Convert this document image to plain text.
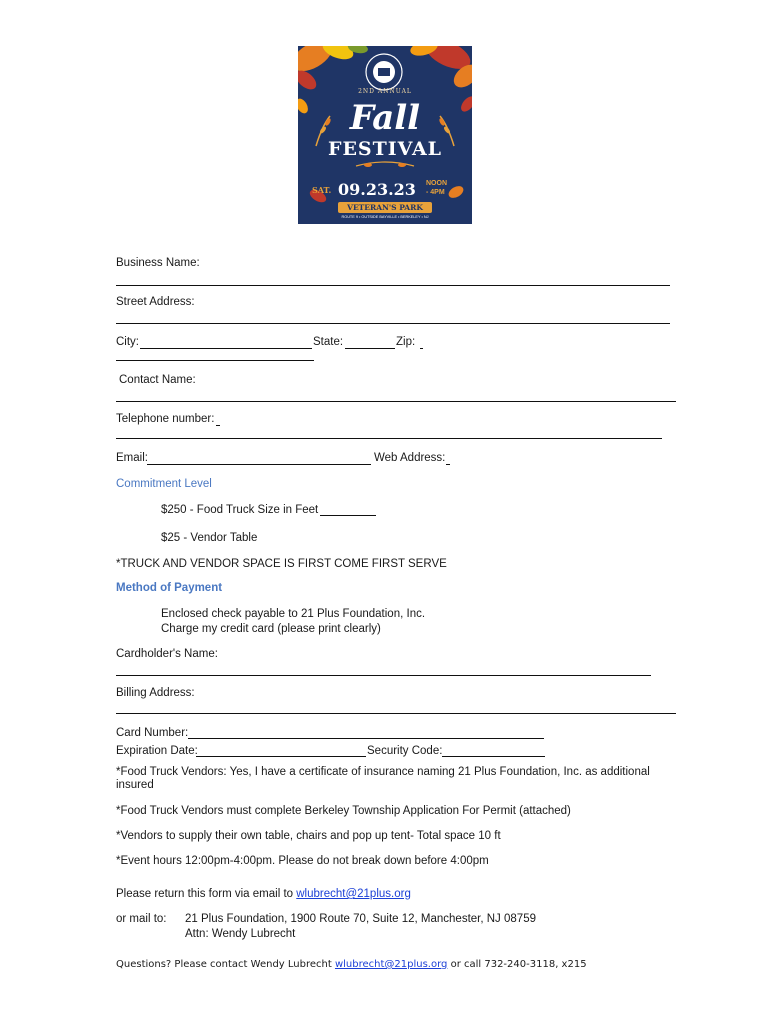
2ND ANNUAL
Fall
FESTIVAL
SAT. 09.23.23 NOON
- 4PM
VETERAN'S PARK
ROUTE 9 • OUTSIDE BAYVILLE • BERKELEY • NJ
Business Name:
Street Address:
City:	State:	Zip:
Contact Name:
Telephone number:
Email:	Web Address:
Commitment Level
$250 - Food Truck Size in Feet
$25 - Vendor Table
*TRUCK AND VENDOR SPACE IS FIRST COME FIRST SERVE
Method of Payment
Enclosed check payable to 21 Plus Foundation, Inc.
Charge my credit card (please print clearly)
Cardholder's Name:
Billing Address:
Card Number:
Expiration Date:	Security Code:
*Food Truck Vendors: Yes, I have a certificate of insurance naming 21 Plus Foundation, Inc. as additional
insured
*Food Truck Vendors must complete Berkeley Township Application For Permit (attached)
*Vendors to supply their own table, chairs and pop up tent- Total space 10 ft
*Event hours 12:00pm-4:00pm. Please do not break down before 4:00pm
Please return this form via email to wlubrecht@21plus.org
or mail to: 21 Plus Foundation, 1900 Route 70, Suite 12, Manchester, NJ 08759
Attn: Wendy Lubrecht
Questions? Please contact Wendy Lubrecht wlubrecht@21plus.org or call 732-240-3118, x215
